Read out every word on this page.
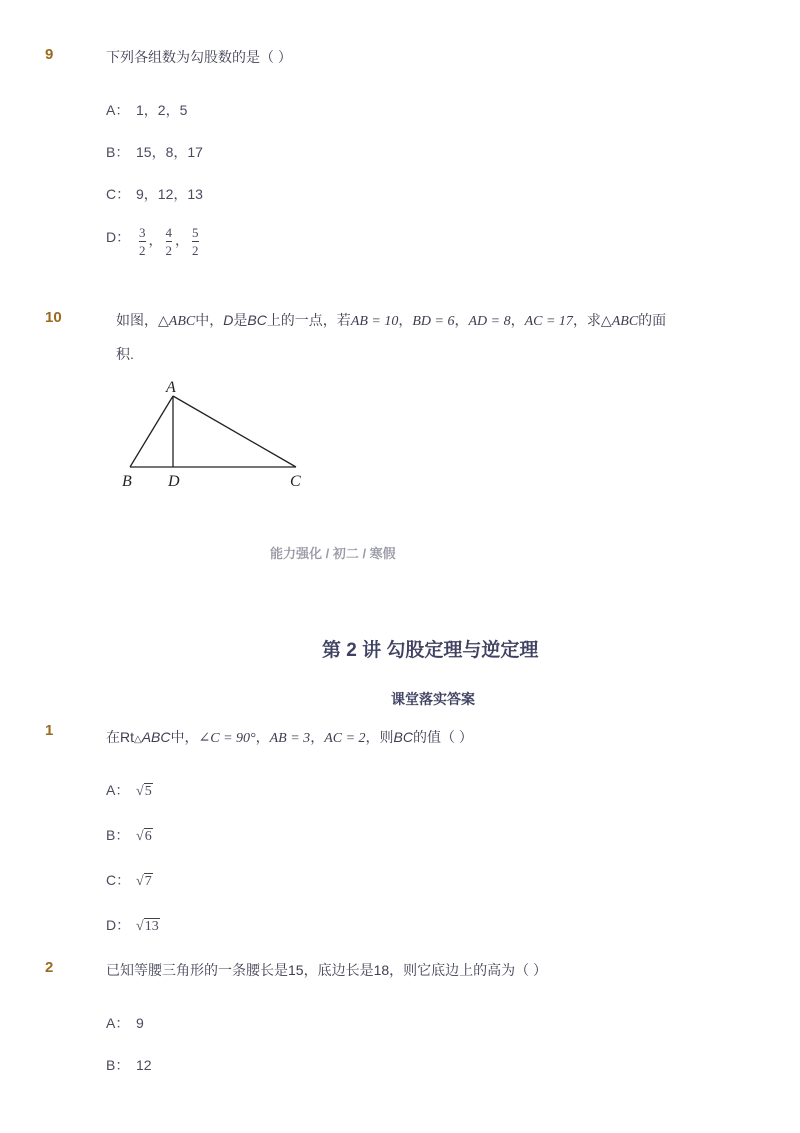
9	下列各组数为勾股数的是（ ）
A： 1，2，5
B： 15，8，17
C： 9，12，13
D： $\frac{3}{2}$ ， $\frac{4}{2}$ ， $\frac{5}{2}$
10	如图，△ABC中，D是BC上的一点，若AB = 10，BD = 6，AD = 8，AC = 17，求△ABC的面
积.
A
B D	C
能力强化 / 初二 / 寒假
第 2 讲 勾股定理与逆定理
课堂落实答案
1	在Rt△ABC中，∠C = 90°，AB = 3，AC = 2，则BC的值（ ）
A： √5
B： √6
C： √7
D： √13
2	已知等腰三角形的一条腰长是15，底边长是18，则它底边上的高为（ ）
A： 9
B： 12
